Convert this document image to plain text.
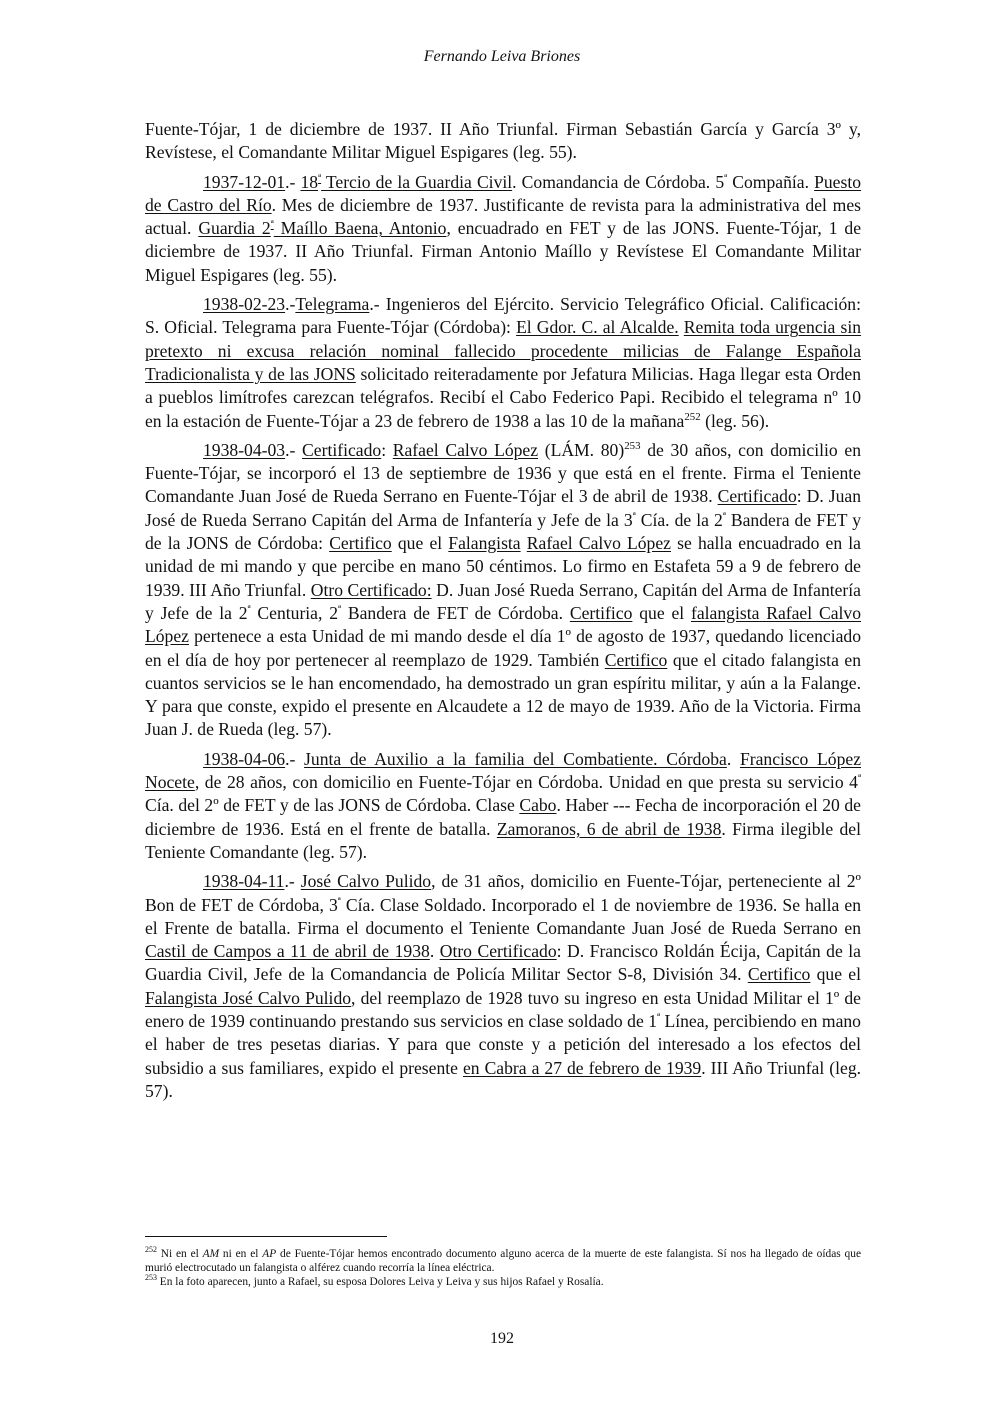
Fernando Leiva Briones

Fuente-Tójar, 1 de diciembre de 1937. II Año Triunfal. Firman Sebastián García y García 3º y, Revístese, el Comandante Militar Miguel Espigares (leg. 55).

1937-12-01.- $18^ª$ Tercio de la Guardia Civil. Comandancia de Córdoba. $5^ª$ Compañía. Puesto de Castro del Río. Mes de diciembre de 1937. Justificante de revista para la administrativa del mes actual. Guardia $2^ª$ Maíllo Baena, Antonio, encuadrado en FET y de las JONS. Fuente-Tójar, 1 de diciembre de 1937. II Año Triunfal. Firman Antonio Maíllo y Revístese El Comandante Militar Miguel Espigares (leg. 55).

1938-02-23.-Telegrama.- Ingenieros del Ejército. Servicio Telegráfico Oficial. Calificación: S. Oficial. Telegrama para Fuente-Tójar (Córdoba): El Gdor. C. al Alcalde. Remita toda urgencia sin pretexto ni excusa relación nominal fallecido procedente milicias de Falange Española Tradicionalista y de las JONS solicitado reiteradamente por Jefatura Milicias. Haga llegar esta Orden a pueblos limítrofes carezcan telégrafos. Recibí el Cabo Federico Papi. Recibido el telegrama nº 10 en la estación de Fuente-Tójar a 23 de febrero de 1938 a las 10 de la mañana$^{252}$ (leg. 56).

1938-04-03.- Certificado: Rafael Calvo López (LÁM. 80)$^{253}$ de 30 años, con domicilio en Fuente-Tójar, se incorporó el 13 de septiembre de 1936 y que está en el frente. Firma el Teniente Comandante Juan José de Rueda Serrano en Fuente-Tójar el 3 de abril de 1938. Certificado: D. Juan José de Rueda Serrano Capitán del Arma de Infantería y Jefe de la $3^ª$ Cía. de la $2^ª$ Bandera de FET y de la JONS de Córdoba: Certifico que el Falangista Rafael Calvo López se halla encuadrado en la unidad de mi mando y que percibe en mano 50 céntimos. Lo firmo en Estafeta 59 a 9 de febrero de 1939. III Año Triunfal. Otro Certificado: D. Juan José Rueda Serrano, Capitán del Arma de Infantería y Jefe de la $2^ª$ Centuria, $2^ª$ Bandera de FET de Córdoba. Certifico que el falangista Rafael Calvo López pertenece a esta Unidad de mi mando desde el día 1º de agosto de 1937, quedando licenciado en el día de hoy por pertenecer al reemplazo de 1929. También Certifico que el citado falangista en cuantos servicios se le han encomendado, ha demostrado un gran espíritu militar, y aún a la Falange. Y para que conste, expido el presente en Alcaudete a 12 de mayo de 1939. Año de la Victoria. Firma Juan J. de Rueda (leg. 57).

1938-04-06.- Junta de Auxilio a la familia del Combatiente. Córdoba. Francisco López Nocete, de 28 años, con domicilio en Fuente-Tójar en Córdoba. Unidad en que presta su servicio $4^ª$ Cía. del 2º de FET y de las JONS de Córdoba. Clase Cabo. Haber --- Fecha de incorporación el 20 de diciembre de 1936. Está en el frente de batalla. Zamoranos, 6 de abril de 1938. Firma ilegible del Teniente Comandante (leg. 57).

1938-04-11.- José Calvo Pulido, de 31 años, domicilio en Fuente-Tójar, perteneciente al 2º Bon de FET de Córdoba, $3^ª$ Cía. Clase Soldado. Incorporado el 1 de noviembre de 1936. Se halla en el Frente de batalla. Firma el documento el Teniente Comandante Juan José de Rueda Serrano en Castil de Campos a 11 de abril de 1938. Otro Certificado: D. Francisco Roldán Écija, Capitán de la Guardia Civil, Jefe de la Comandancia de Policía Militar Sector S-8, División 34. Certifico que el Falangista José Calvo Pulido, del reemplazo de 1928 tuvo su ingreso en esta Unidad Militar el 1º de enero de 1939 continuando prestando sus servicios en clase soldado de $1^ª$ Línea, percibiendo en mano el haber de tres pesetas diarias. Y para que conste y a petición del interesado a los efectos del subsidio a sus familiares, expido el presente en Cabra a 27 de febrero de 1939. III Año Triunfal (leg. 57).

$^{252}$ Ni en el AM ni en el AP de Fuente-Tójar hemos encontrado documento alguno acerca de la muerte de este falangista. Sí nos ha llegado de oídas que murió electrocutado un falangista o alférez cuando recorría la línea eléctrica.

$^{253}$ En la foto aparecen, junto a Rafael, su esposa Dolores Leiva y Leiva y sus hijos Rafael y Rosalía.

192
